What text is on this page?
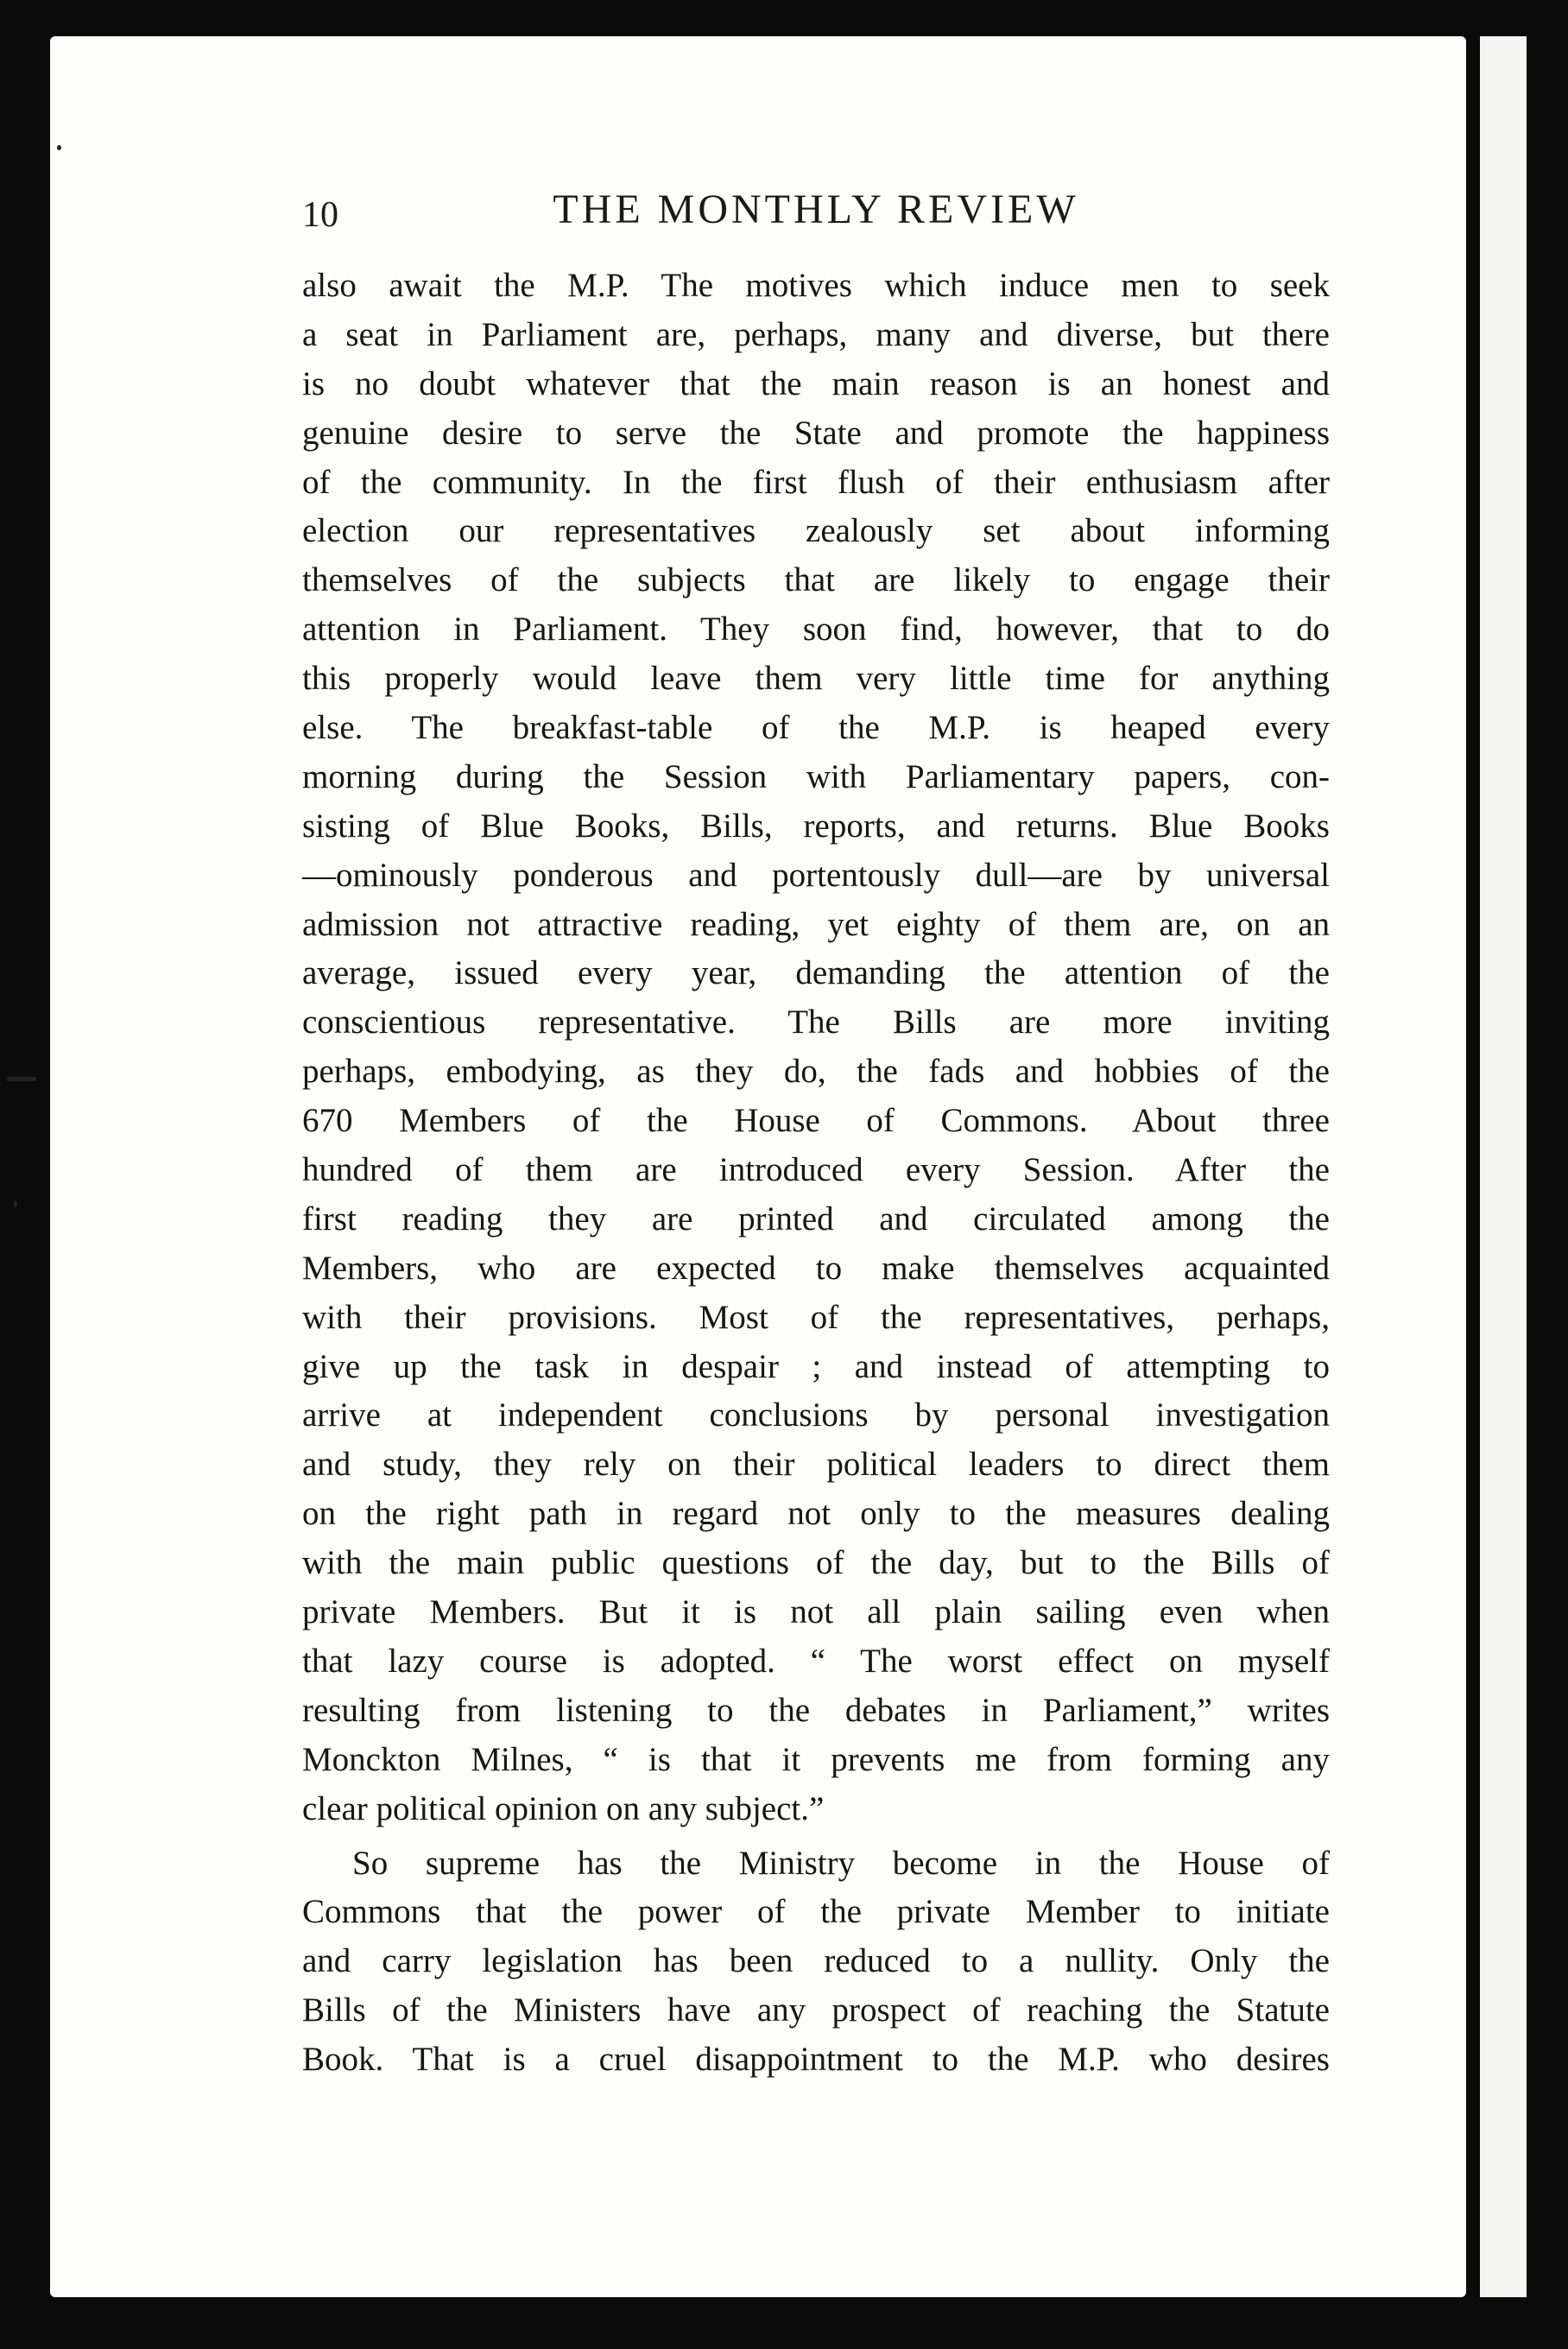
10	THE MONTHLY REVIEW
also await the M.P. The motives which induce men to seek
a seat in Parliament are, perhaps, many and diverse, but there
is no doubt whatever that the main reason is an honest and
genuine desire to serve the State and promote the happiness
of the community. In the first flush of their enthusiasm after
election our representatives zealously set about informing
themselves of the subjects that are likely to engage their
attention in Parliament. They soon find, however, that to do
this properly would leave them very little time for anything
else. The breakfast-table of the M.P. is heaped every
morning during the Session with Parliamentary papers, con-
sisting of Blue Books, Bills, reports, and returns. Blue Books
—ominously ponderous and portentously dull—are by universal
admission not attractive reading, yet eighty of them are, on an
average, issued every year, demanding the attention of the
conscientious representative. The Bills are more inviting
perhaps, embodying, as they do, the fads and hobbies of the
670 Members of the House of Commons. About three
hundred of them are introduced every Session. After the
first reading they are printed and circulated among the
Members, who are expected to make themselves acquainted
with their provisions. Most of the representatives, perhaps,
give up the task in despair ; and instead of attempting to
arrive at independent conclusions by personal investigation
and study, they rely on their political leaders to direct them
on the right path in regard not only to the measures dealing
with the main public questions of the day, but to the Bills of
private Members. But it is not all plain sailing even when
that lazy course is adopted. “ The worst effect on myself
resulting from listening to the debates in Parliament,” writes
Monckton Milnes, “ is that it prevents me from forming any
clear political opinion on any subject.”
So supreme has the Ministry become in the House of
Commons that the power of the private Member to initiate
and carry legislation has been reduced to a nullity. Only the
Bills of the Ministers have any prospect of reaching the Statute
Book. That is a cruel disappointment to the M.P. who desires
